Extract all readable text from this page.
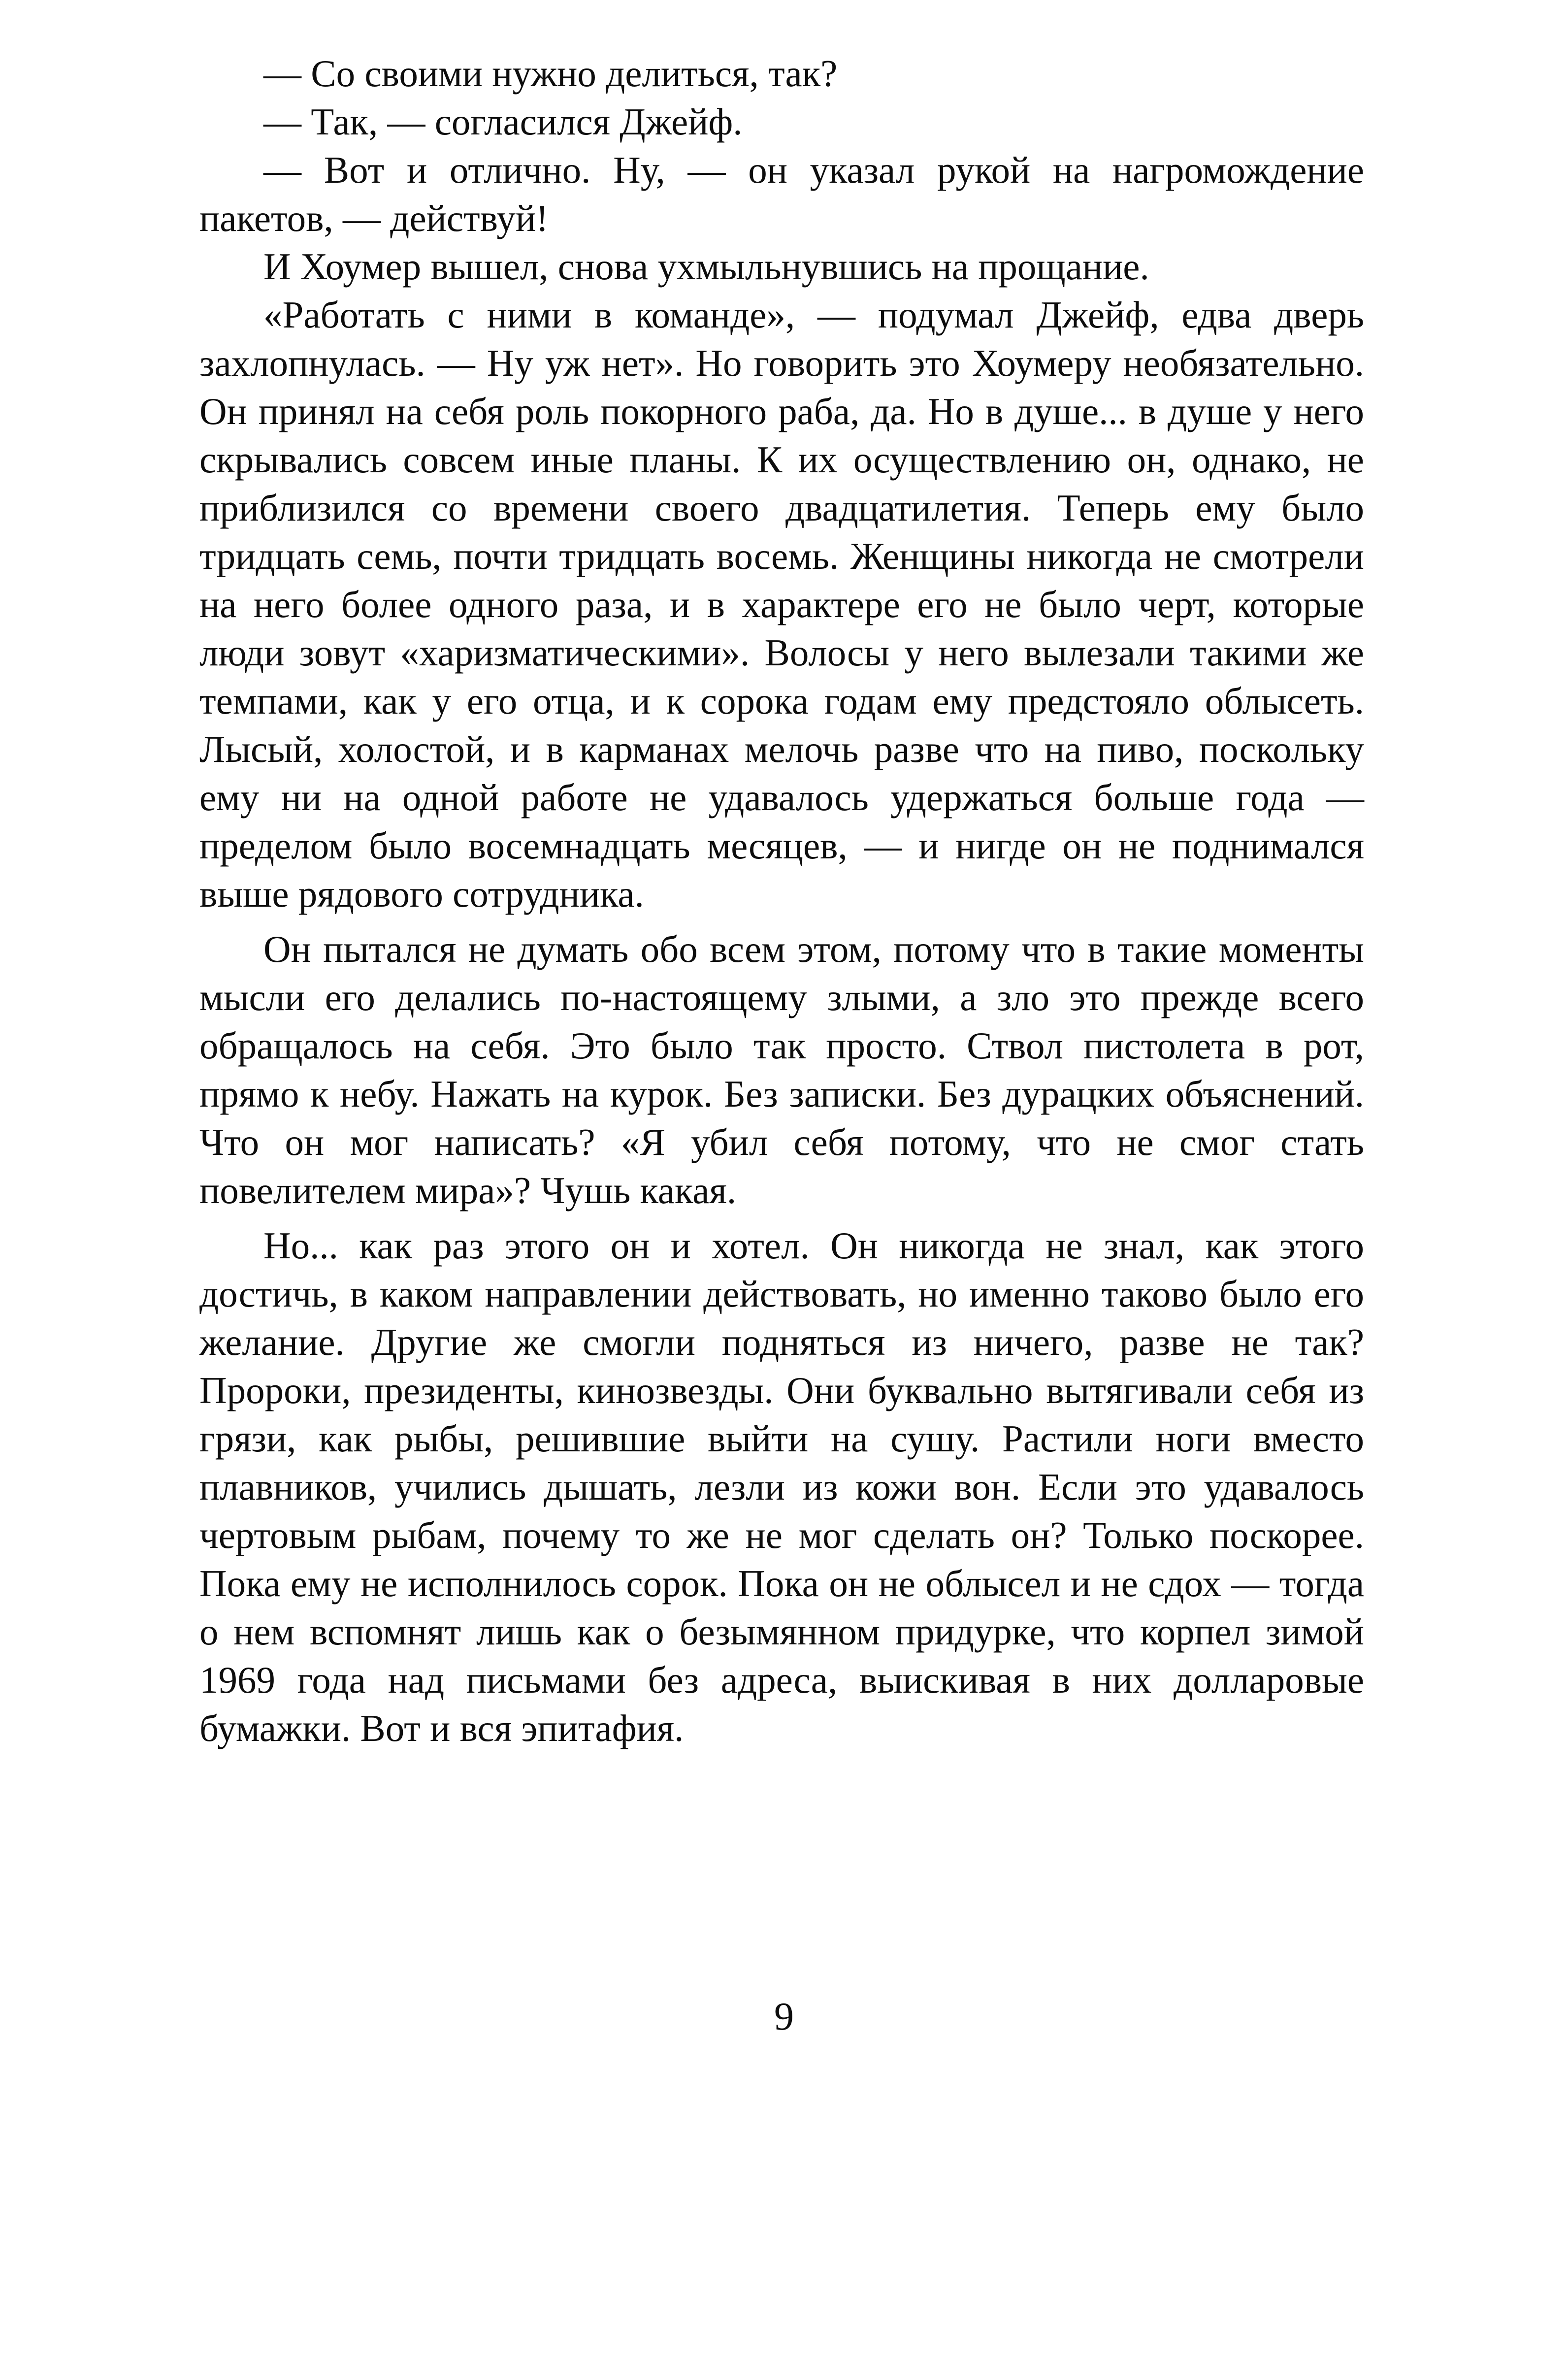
— Со своими нужно делиться, так?

— Так, — согласился Джейф.

— Вот и отлично. Ну, — он указал рукой на нагромождение пакетов, — действуй!

И Хоумер вышел, снова ухмыльнувшись на прощание.

«Работать с ними в команде», — подумал Джейф, едва дверь захлопнулась. — Ну уж нет». Но говорить это Хоумеру необязательно. Он принял на себя роль покорного раба, да. Но в душе... в душе у него скрывались совсем иные планы. К их осуществлению он, однако, не приблизился со времени своего двадцатилетия. Теперь ему было тридцать семь, почти тридцать восемь. Женщины никогда не смотрели на него более одного раза, и в характере его не было черт, которые люди зовут «харизматическими». Волосы у него вылезали такими же темпами, как у его отца, и к сорока годам ему предстояло облысеть. Лысый, холостой, и в карманах мелочь разве что на пиво, поскольку ему ни на одной работе не удавалось удержаться больше года — пределом было восемнадцать месяцев, — и нигде он не поднимался выше рядового сотрудника.

Он пытался не думать обо всем этом, потому что в такие моменты мысли его делались по-настоящему злыми, а зло это прежде всего обращалось на себя. Это было так просто. Ствол пистолета в рот, прямо к небу. Нажать на курок. Без записки. Без дурацких объяснений. Что он мог написать? «Я убил себя потому, что не смог стать повелителем мира»? Чушь какая.

Но... как раз этого он и хотел. Он никогда не знал, как этого достичь, в каком направлении действовать, но именно таково было его желание. Другие же смогли подняться из ничего, разве не так? Пророки, президенты, кинозвезды. Они буквально вытягивали себя из грязи, как рыбы, решившие выйти на сушу. Растили ноги вместо плавников, учились дышать, лезли из кожи вон. Если это удавалось чертовым рыбам, почему то же не мог сделать он? Только поскорее. Пока ему не исполнилось сорок. Пока он не облысел и не сдох — тогда о нем вспомнят лишь как о безымянном придурке, что корпел зимой 1969 года над письмами без адреса, выискивая в них долларовые бумажки. Вот и вся эпитафия.

9
